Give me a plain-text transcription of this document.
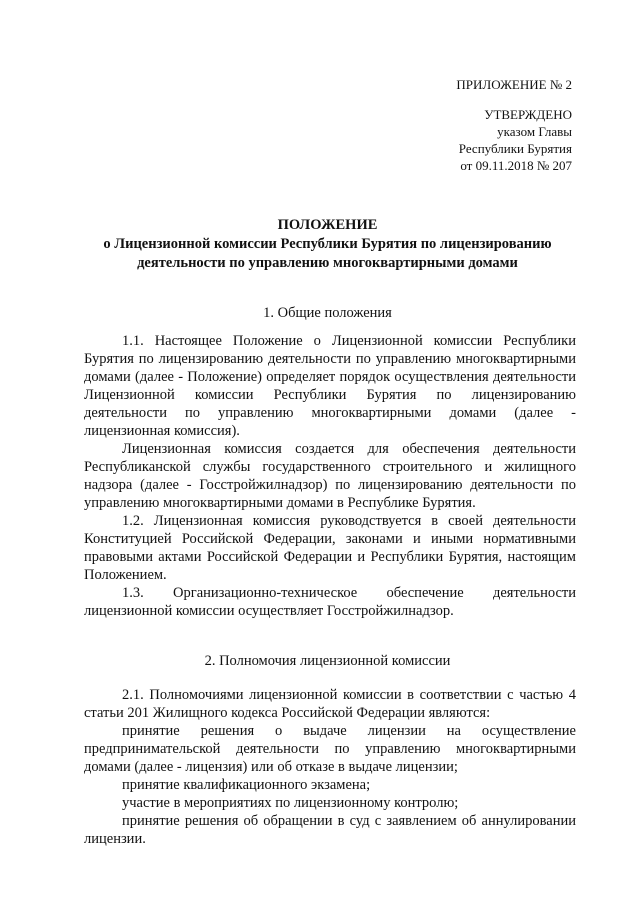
ПРИЛОЖЕНИЕ № 2
УТВЕРЖДЕНО
указом Главы
Республики Бурятия
от 09.11.2018 № 207
ПОЛОЖЕНИЕ
о Лицензионной комиссии Республики Бурятия по лицензированию
деятельности по управлению многоквартирными домами
1. Общие положения

1.1. Настоящее Положение о Лицензионной комиссии Республики Бурятия по лицензированию деятельности по управлению многоквартирными домами (далее - Положение) определяет порядок осуществления деятельности Лицензионной комиссии Республики Бурятия по лицензированию деятельности по управлению многоквартирными домами (далее - лицензионная комиссия).

Лицензионная комиссия создается для обеспечения деятельности Республиканской службы государственного строительного и жилищного надзора (далее - Госстройжилнадзор) по лицензированию деятельности по управлению многоквартирными домами в Республике Бурятия.

1.2. Лицензионная комиссия руководствуется в своей деятельности Конституцией Российской Федерации, законами и иными нормативными правовыми актами Российской Федерации и Республики Бурятия, настоящим Положением.

1.3. Организационно-техническое обеспечение деятельности лицензионной комиссии осуществляет Госстройжилнадзор.

2. Полномочия лицензионной комиссии

2.1. Полномочиями лицензионной комиссии в соответствии с частью 4 статьи 201 Жилищного кодекса Российской Федерации являются:

принятие решения о выдаче лицензии на осуществление предпринимательской деятельности по управлению многоквартирными домами (далее - лицензия) или об отказе в выдаче лицензии;

принятие квалификационного экзамена;

участие в мероприятиях по лицензионному контролю;

принятие решения об обращении в суд с заявлением об аннулировании лицензии.
